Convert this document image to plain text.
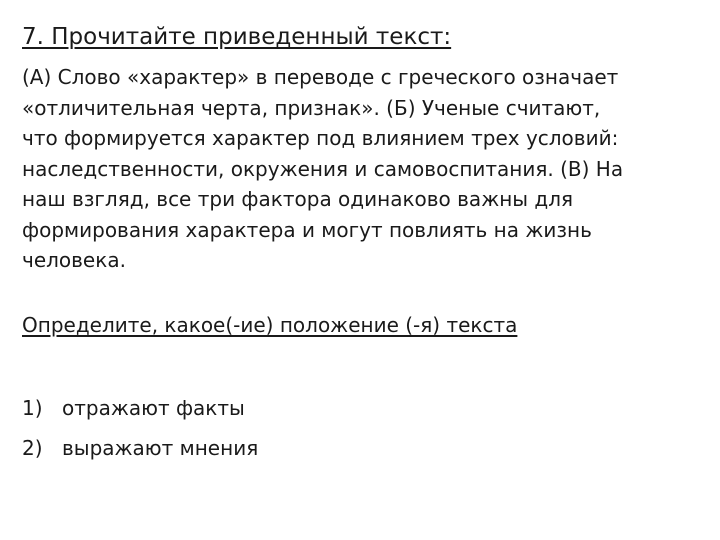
7. Прочитайте приведенный текст:

(А) Слово «характер» в переводе с греческого означает
«отличительная черта, признак». (Б) Ученые считают,
что формируется характер под влиянием трех условий:
наследственности, окружения и самовоспитания. (В) На
наш взгляд, все три фактора одинаково важны для
формирования характера и могут повлиять на жизнь
человека.

Определите, какое(-ие) положение (-я) текста

1) отражают факты
2) выражают мнения
